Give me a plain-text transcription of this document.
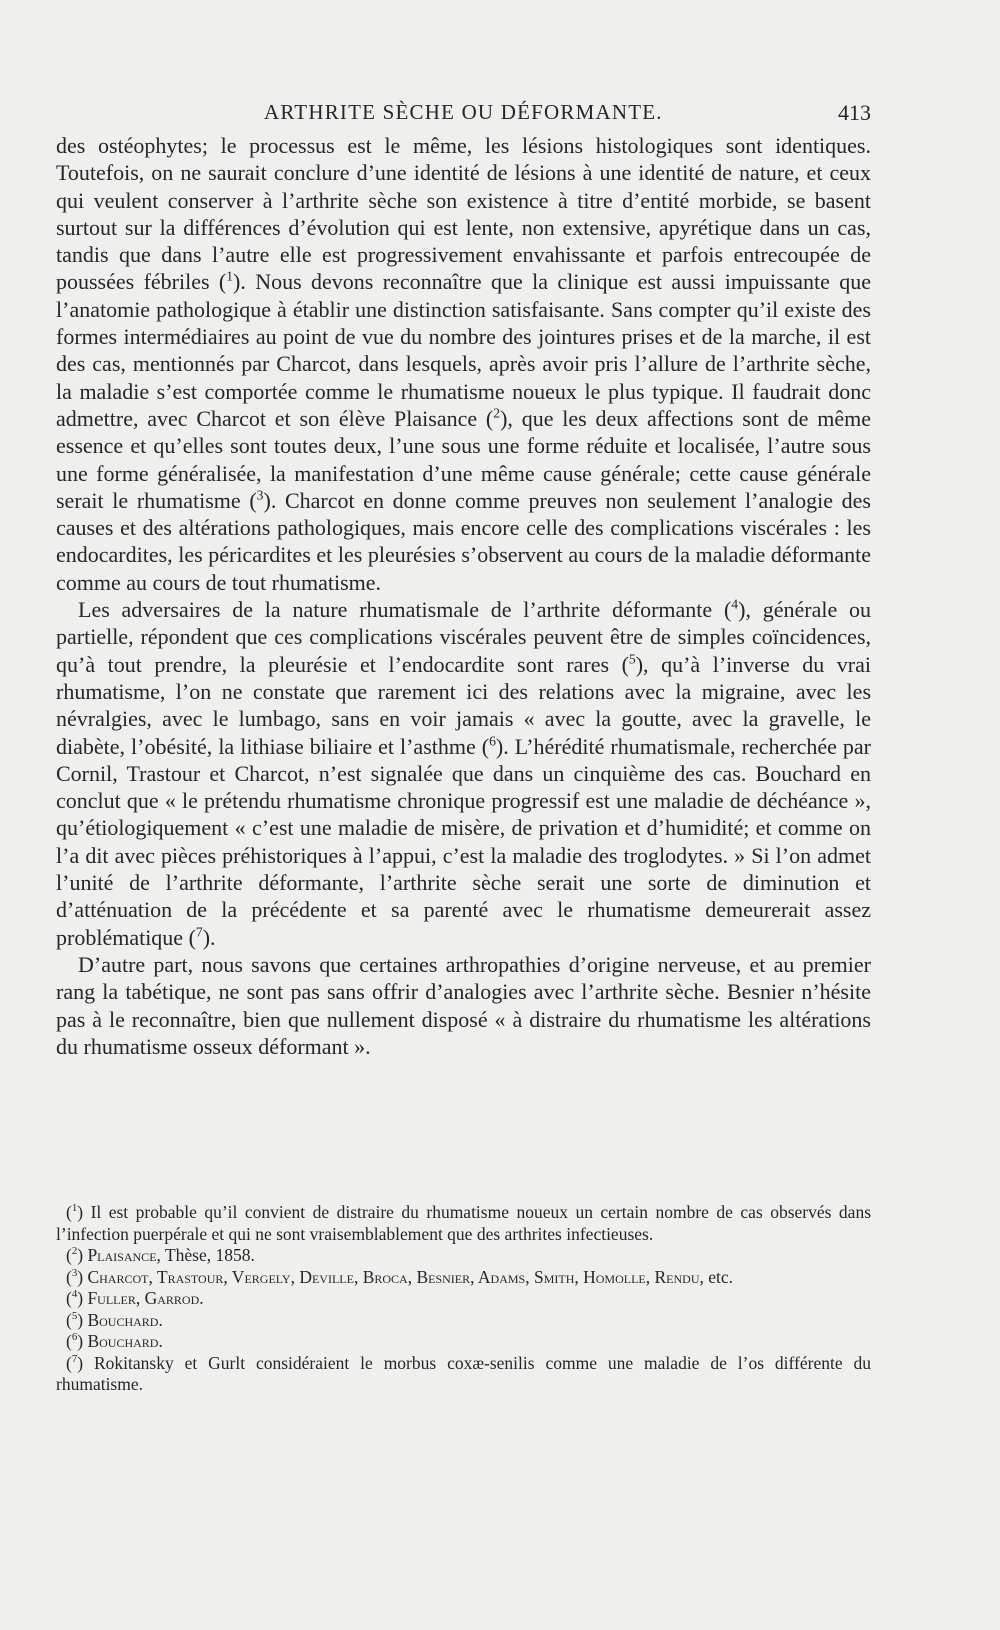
ARTHRITE SÈCHE OU DÉFORMANTE.	413

des ostéophytes; le processus est le même, les lésions histologiques sont identiques. Toutefois, on ne saurait conclure d’une identité de lésions à une identité de nature, et ceux qui veulent conserver à l’arthrite sèche son existence à titre d’entité morbide, se basent surtout sur la différences d’évolution qui est lente, non extensive, apyrétique dans un cas, tandis que dans l’autre elle est progressivement envahissante et parfois entrecoupée de poussées fébriles ($^1$). Nous devons reconnaître que la clinique est aussi impuissante que l’anatomie pathologique à établir une distinction satisfaisante. Sans compter qu’il existe des formes intermédiaires au point de vue du nombre des jointures prises et de la marche, il est des cas, mentionnés par Charcot, dans lesquels, après avoir pris l’allure de l’arthrite sèche, la maladie s’est comportée comme le rhumatisme noueux le plus typique. Il faudrait donc admettre, avec Charcot et son élève Plaisance ($^2$), que les deux affections sont de même essence et qu’elles sont toutes deux, l’une sous une forme réduite et localisée, l’autre sous une forme généralisée, la manifestation d’une même cause générale; cette cause générale serait le rhumatisme ($^3$). Charcot en donne comme preuves non seulement l’analogie des causes et des altérations pathologiques, mais encore celle des complications viscérales : les endocardites, les péricardites et les pleurésies s’observent au cours de la maladie déformante comme au cours de tout rhumatisme.

Les adversaires de la nature rhumatismale de l’arthrite déformante ($^4$), générale ou partielle, répondent que ces complications viscérales peuvent être de simples coïncidences, qu’à tout prendre, la pleurésie et l’endocardite sont rares ($^5$), qu’à l’inverse du vrai rhumatisme, l’on ne constate que rarement ici des relations avec la migraine, avec les névralgies, avec le lumbago, sans en voir jamais « avec la goutte, avec la gravelle, le diabète, l’obésité, la lithiase biliaire et l’asthme ($^6$). L’hérédité rhumatismale, recherchée par Cornil, Trastour et Charcot, n’est signalée que dans un cinquième des cas. Bouchard en conclut que « le prétendu rhumatisme chronique progressif est une maladie de déchéance », qu’étiologiquement « c’est une maladie de misère, de privation et d’humidité; et comme on l’a dit avec pièces préhistoriques à l’appui, c’est la maladie des troglodytes. » Si l’on admet l’unité de l’arthrite déformante, l’arthrite sèche serait une sorte de diminution et d’atténuation de la précédente et sa parenté avec le rhumatisme demeurerait assez problématique ($^7$).

D’autre part, nous savons que certaines arthropathies d’origine nerveuse, et au premier rang la tabétique, ne sont pas sans offrir d’analogies avec l’arthrite sèche. Besnier n’hésite pas à le reconnaître, bien que nullement disposé « à distraire du rhumatisme les altérations du rhumatisme osseux déformant ».

($^1$) Il est probable qu’il convient de distraire du rhumatisme noueux un certain nombre de cas observés dans l’infection puerpérale et qui ne sont vraisemblablement que des arthrites infectieuses.

($^2$) Plaisance, Thèse, 1858.

($^3$) Charcot, Trastour, Vergely, Deville, Broca, Besnier, Adams, Smith, Homolle, Rendu, etc.

($^4$) Fuller, Garrod.

($^5$) Bouchard.

($^6$) Bouchard.

($^7$) Rokitansky et Gurlt considéraient le morbus coxæ-senilis comme une maladie de l’os différente du rhumatisme.
